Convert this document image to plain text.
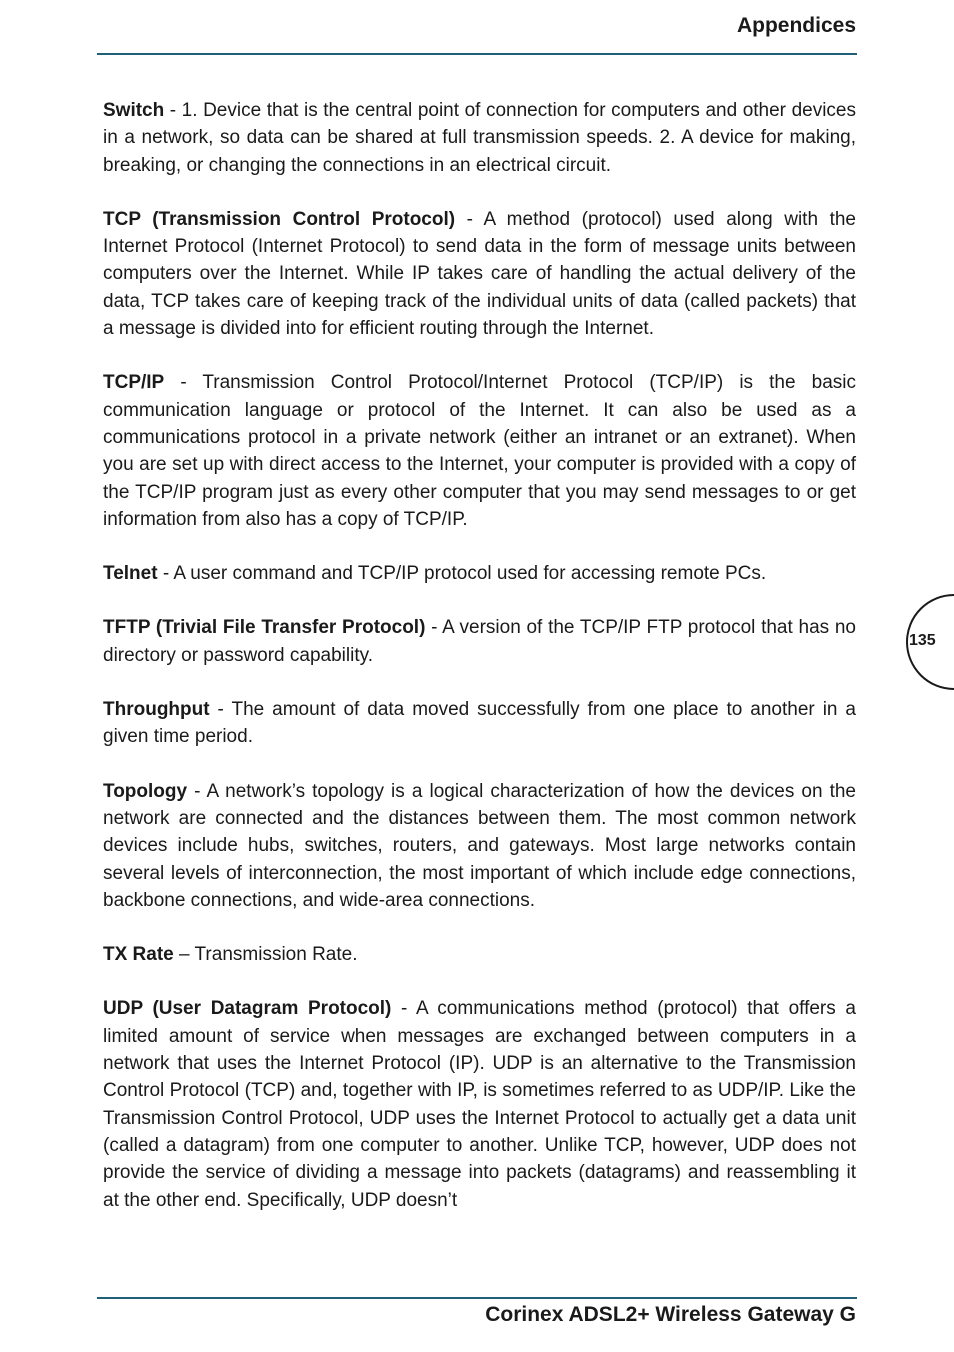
Appendices
135

Switch - 1. Device that is the central point of connection for computers and other devices in a network, so data can be shared at full transmission speeds. 2. A device for making, breaking, or changing the connections in an electrical circuit.

TCP (Transmission Control Protocol) - A method (protocol) used along with the Internet Protocol (Internet Protocol) to send data in the form of message units between computers over the Internet. While IP takes care of handling the actual delivery of the data, TCP takes care of keeping track of the individual units of data (called packets) that a message is divided into for efficient routing through the Internet.

TCP/IP - Transmission Control Protocol/Internet Protocol (TCP/IP) is the basic communication language or protocol of the Internet. It can also be used as a communications protocol in a private network (either an intranet or an extranet). When you are set up with direct access to the Internet, your computer is provided with a copy of the TCP/IP program just as every other computer that you may send messages to or get information from also has a copy of TCP/IP.

Telnet - A user command and TCP/IP protocol used for accessing remote PCs.

TFTP (Trivial File Transfer Protocol) - A version of the TCP/IP FTP protocol that has no directory or password capability.

Throughput - The amount of data moved successfully from one place to another in a given time period.

Topology - A network’s topology is a logical characterization of how the devices on the network are connected and the distances between them. The most common network devices include hubs, switches, routers, and gateways. Most large networks contain several levels of interconnection, the most important of which include edge connections, backbone connections, and wide-area connections.

TX Rate – Transmission Rate.

UDP (User Datagram Protocol) - A communications method (protocol) that offers a limited amount of service when messages are exchanged between computers in a network that uses the Internet Protocol (IP). UDP is an alternative to the Transmission Control Protocol (TCP) and, together with IP, is sometimes referred to as UDP/IP. Like the Transmission Control Protocol, UDP uses the Internet Protocol to actually get a data unit (called a datagram) from one computer to another. Unlike TCP, however, UDP does not provide the service of dividing a message into packets (datagrams) and reassembling it at the other end. Specifically, UDP doesn’t

Corinex ADSL2+ Wireless Gateway G
